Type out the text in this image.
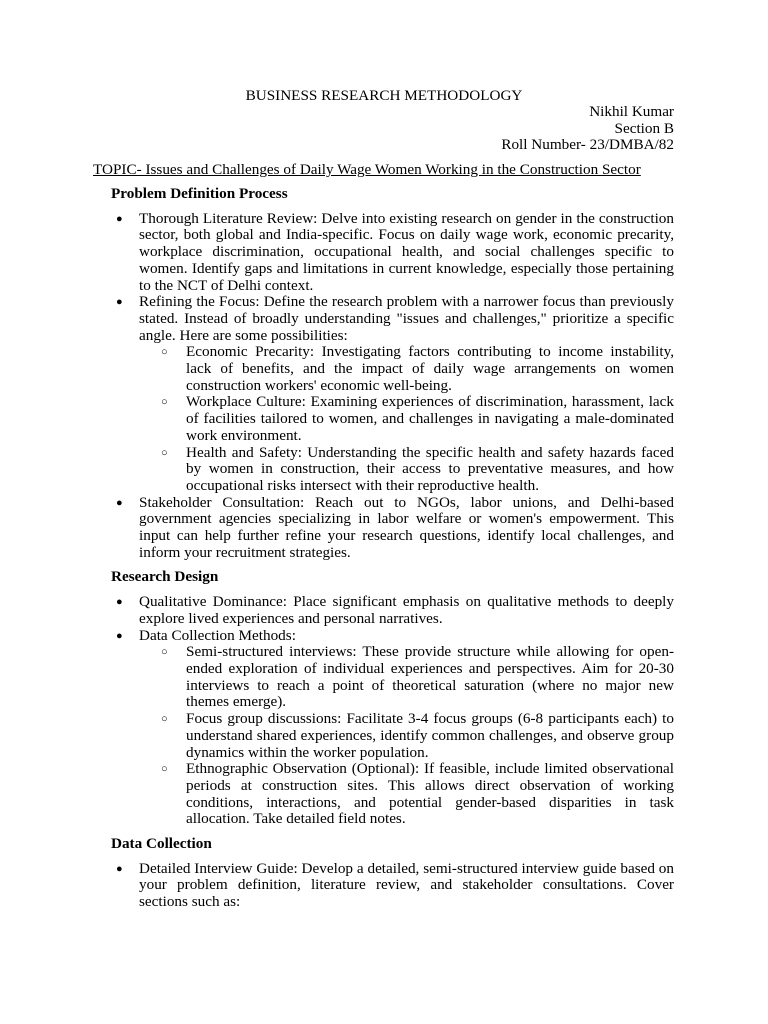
BUSINESS RESEARCH METHODOLOGY
Nikhil Kumar
Section B
Roll Number- 23/DMBA/82
TOPIC- Issues and Challenges of Daily Wage Women Working in the Construction Sector
Problem Definition Process
● Thorough Literature Review: Delve into existing research on gender in the construction sector, both global and India-specific. Focus on daily wage work, economic precarity, workplace discrimination, occupational health, and social challenges specific to women. Identify gaps and limitations in current knowledge, especially those pertaining to the NCT of Delhi context.
● Refining the Focus: Define the research problem with a narrower focus than previously stated. Instead of broadly understanding "issues and challenges," prioritize a specific angle. Here are some possibilities:
○ Economic Precarity: Investigating factors contributing to income instability, lack of benefits, and the impact of daily wage arrangements on women construction workers' economic well-being.
○ Workplace Culture: Examining experiences of discrimination, harassment, lack of facilities tailored to women, and challenges in navigating a male-dominated work environment.
○ Health and Safety: Understanding the specific health and safety hazards faced by women in construction, their access to preventative measures, and how occupational risks intersect with their reproductive health.
● Stakeholder Consultation: Reach out to NGOs, labor unions, and Delhi-based government agencies specializing in labor welfare or women's empowerment. This input can help further refine your research questions, identify local challenges, and inform your recruitment strategies.
Research Design
● Qualitative Dominance: Place significant emphasis on qualitative methods to deeply explore lived experiences and personal narratives.
● Data Collection Methods:
○ Semi-structured interviews: These provide structure while allowing for open-ended exploration of individual experiences and perspectives. Aim for 20-30 interviews to reach a point of theoretical saturation (where no major new themes emerge).
○ Focus group discussions: Facilitate 3-4 focus groups (6-8 participants each) to understand shared experiences, identify common challenges, and observe group dynamics within the worker population.
○ Ethnographic Observation (Optional): If feasible, include limited observational periods at construction sites. This allows direct observation of working conditions, interactions, and potential gender-based disparities in task allocation. Take detailed field notes.
Data Collection
● Detailed Interview Guide: Develop a detailed, semi-structured interview guide based on your problem definition, literature review, and stakeholder consultations. Cover sections such as:
